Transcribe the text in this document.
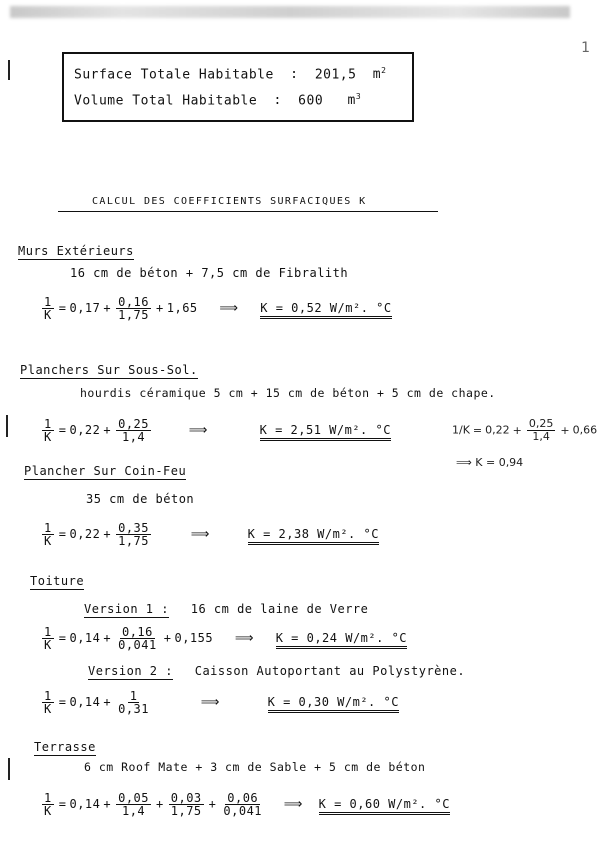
1
Surface Totale Habitable : 201,5 $m^2$
Volume Total Habitable : 600 $m^3$
CALCUL DES COEFFICIENTS SURFACIQUES K
Murs Extérieurs
16 cm de béton + 7,5 cm de Fibralith
$\frac{1}{K} = 0,17 + \frac{0,16}{1,75} + 1,65$ ⟹ K = 0,52 W/m². °C
Planchers Sur Sous-Sol.
hourdis céramique 5 cm + 15 cm de béton + 5 cm de chape.
$\frac{1}{K} = 0,22 + \frac{0,25}{1,4}$	⟹	K = 2,51 W/m². °C	$1/K = 0,22 + \frac{0,25}{1,4} + 0,66$
⟹ K = 0,94
Plancher Sur Coin-Feu
35 cm de béton
$\frac{1}{K} = 0,22 + \frac{0,35}{1,75}$	⟹	K = 2,38 W/m². °C
Toiture
Version 1 : 16 cm de laine de Verre
$\frac{1}{K} = 0,14 + \frac{0,16}{0,041} + 0,155$ ⟹ K = 0,24 W/m². °C
Version 2 : Caisson Autoportant au Polystyrène.
$\frac{1}{K} = 0,14 + \frac{1}{0,31}$	⟹	K = 0,30 W/m². °C
Terrasse
6 cm Roof Mate + 3 cm de Sable + 5 cm de béton
$\frac{1}{K} = 0,14 + \frac{0,05}{1,4} + \frac{0,03}{1,75} + \frac{0,06}{0,041}$ ⟹ K = 0,60 W/m². °C
